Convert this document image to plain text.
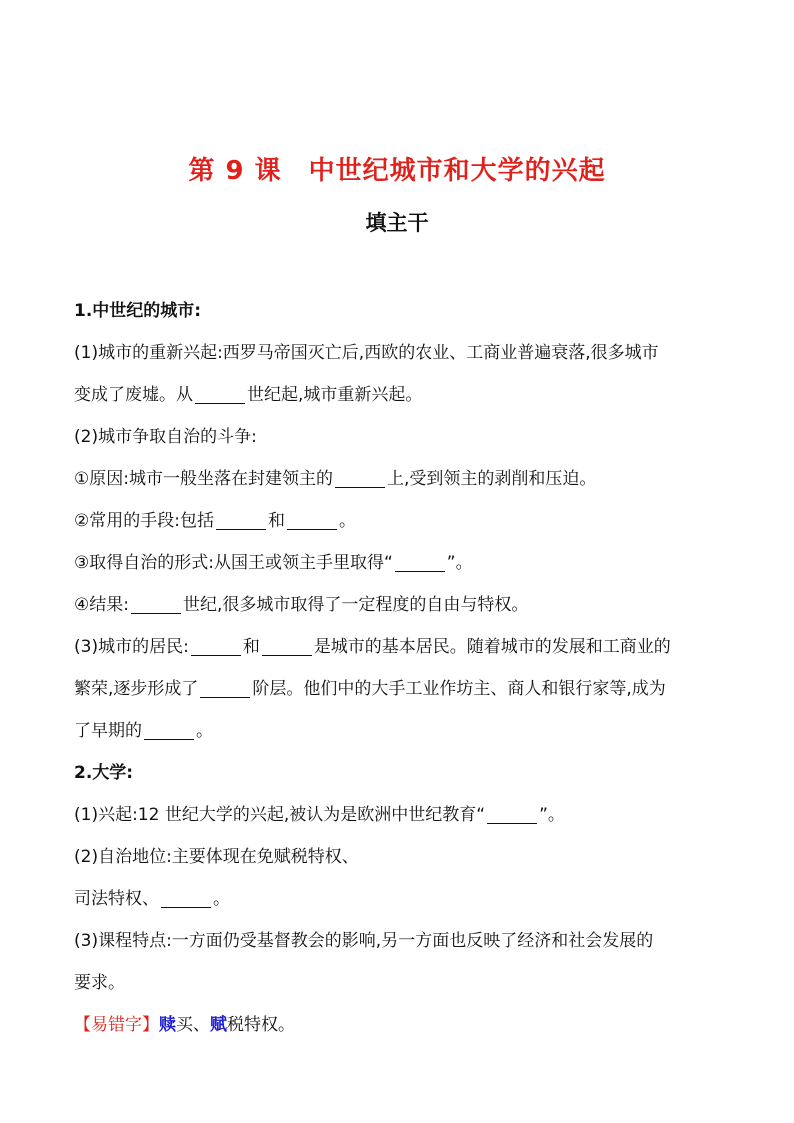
第 9 课　中世纪城市和大学的兴起
填主干
1.中世纪的城市:
(1)城市的重新兴起:西罗马帝国灭亡后,西欧的农业、工商业普遍衰落,很多城市
变成了废墟。从	世纪起,城市重新兴起。
(2)城市争取自治的斗争:
①原因:城市一般坐落在封建领主的	上,受到领主的剥削和压迫。
②常用的手段:包括	和	。
③取得自治的形式:从国王或领主手里取得“	”。
④结果:	世纪,很多城市取得了一定程度的自由与特权。
(3)城市的居民:	和	是城市的基本居民。随着城市的发展和工商业的
繁荣,逐步形成了	阶层。他们中的大手工业作坊主、商人和银行家等,成为
了早期的	。
2.大学:
(1)兴起:12 世纪大学的兴起,被认为是欧洲中世纪教育“	”。
(2)自治地位:主要体现在免赋税特权、
司法特权、	。
(3)课程特点:一方面仍受基督教会的影响,另一方面也反映了经济和社会发展的
要求。
【易错字】赎买、赋税特权。
